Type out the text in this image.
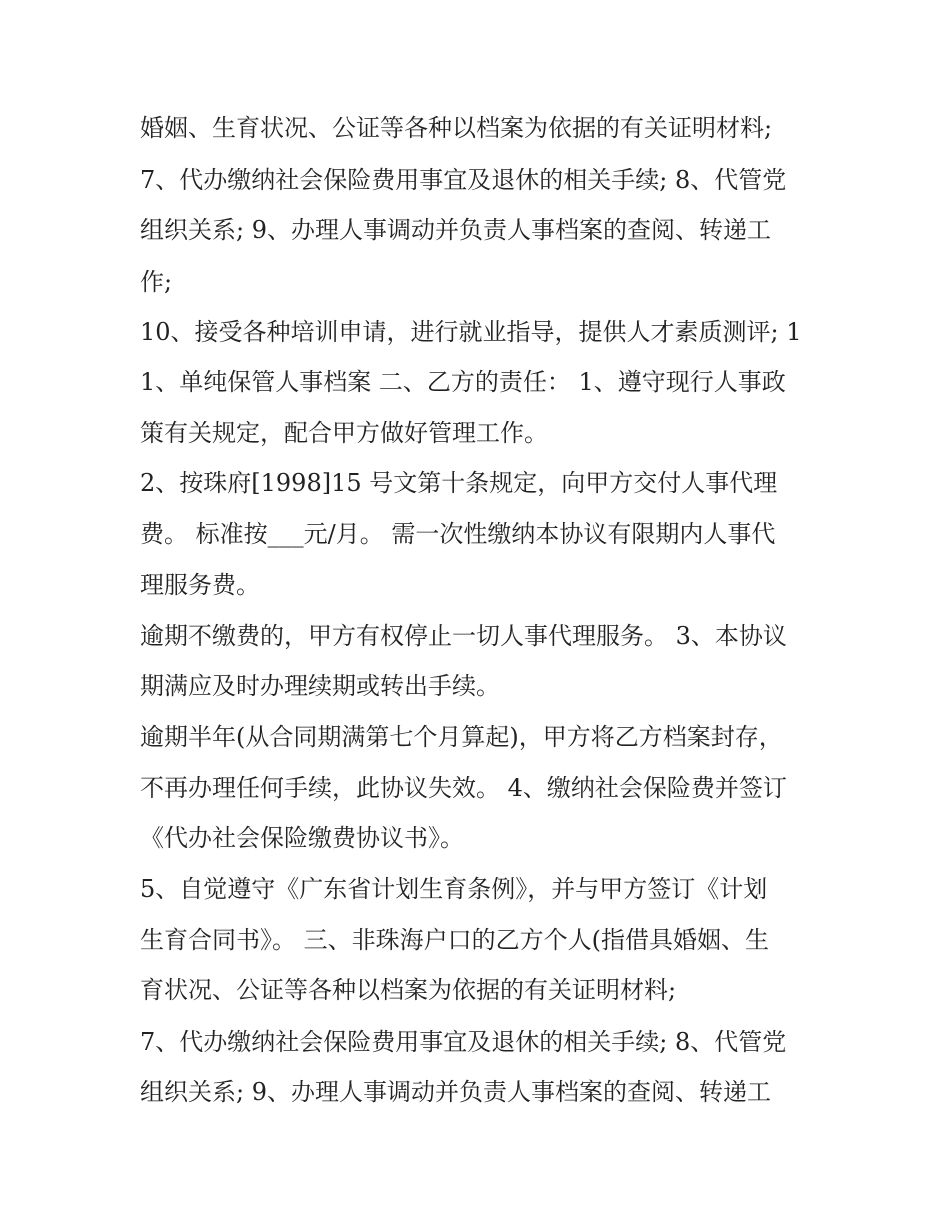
婚姻、生育状况、公证等各种以档案为依据的有关证明材料;
7、代办缴纳社会保险费用事宜及退休的相关手续; 8、代管党
组织关系; 9、办理人事调动并负责人事档案的查阅、转递工
作;
10、接受各种培训申请，进行就业指导，提供人才素质测评; 1
1、单纯保管人事档案 二、乙方的责任： 1、遵守现行人事政
策有关规定，配合甲方做好管理工作。
2、按珠府[1998]15 号文第十条规定，向甲方交付人事代理
费。 标准按___元/月。 需一次性缴纳本协议有限期内人事代
理服务费。
逾期不缴费的，甲方有权停止一切人事代理服务。 3、本协议
期满应及时办理续期或转出手续。
逾期半年(从合同期满第七个月算起)，甲方将乙方档案封存，
不再办理任何手续，此协议失效。 4、缴纳社会保险费并签订
《代办社会保险缴费协议书》。
5、自觉遵守《广东省计划生育条例》，并与甲方签订《计划
生育合同书》。 三、非珠海户口的乙方个人(指借具婚姻、生
育状况、公证等各种以档案为依据的有关证明材料;
7、代办缴纳社会保险费用事宜及退休的相关手续; 8、代管党
组织关系; 9、办理人事调动并负责人事档案的查阅、转递工
